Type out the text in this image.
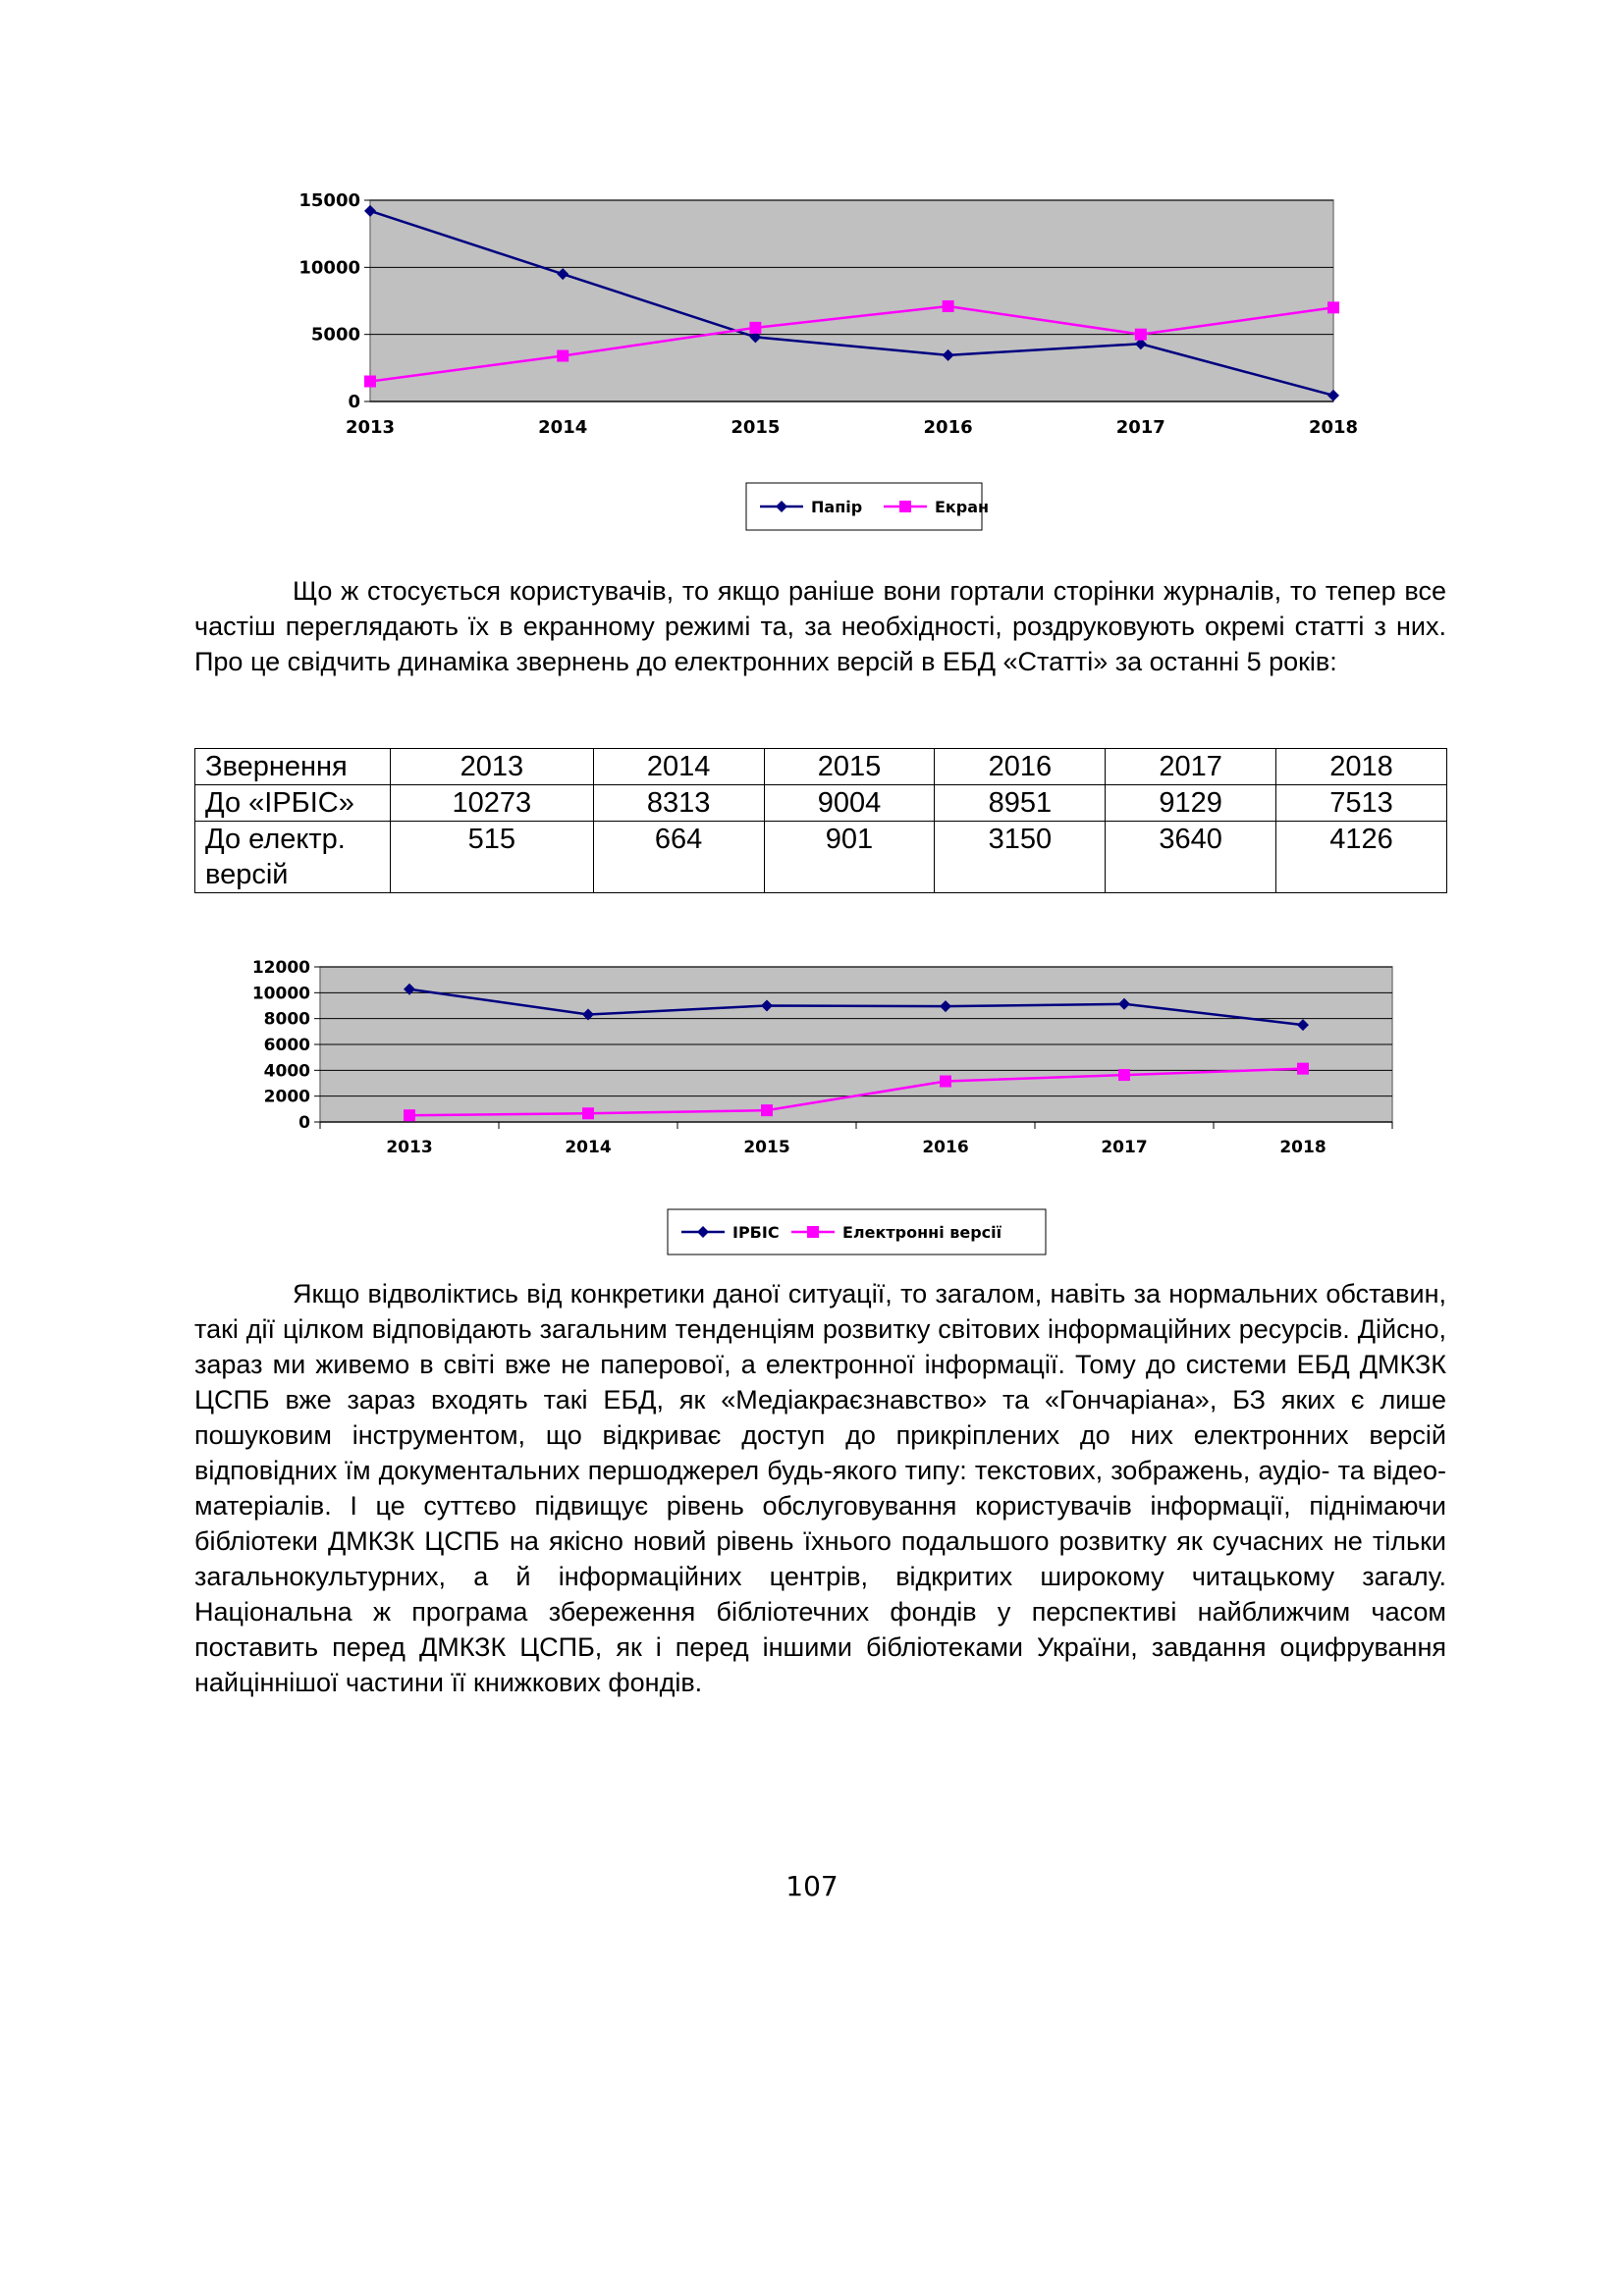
0
5000
10000
15000
2013	2014	2015	2016	2017	2018
Папір	Екран

Що ж стосується користувачів, то якщо раніше вони гортали сторінки журналів, то тепер все частіш переглядають їх в екранному режимі та, за необхідності, роздруковують окремі статті з них. Про це свідчить динаміка звернень до електронних версій в ЕБД «Статті» за останні 5 років:

Звернення	2013	2014	2015	2016	2017	2018
До «ІРБІС»	10273	8313	9004	8951	9129	7513
До електр. версій	515	664	901	3150	3640	4126
0
2000
4000
6000
8000
10000
12000
2013	2014	2015	2016	2017	2018
ІРБІС	Електронні версії

Якщо відволіктись від конкретики даної ситуації, то загалом, навіть за нормальних обставин, такі дії цілком відповідають загальним тенденціям розвитку світових інформаційних ресурсів. Дійсно, зараз ми живемо в світі вже не паперової, а електронної інформації. Тому до системи ЕБД ДМКЗК ЦСПБ вже зараз входять такі ЕБД, як «Медіакраєзнавство» та «Гончаріана», БЗ яких є лише пошуковим інструментом, що відкриває доступ до прикріплених до них електронних версій відповідних їм документальних першоджерел будь-якого типу: текстових, зображень, аудіо- та відео-матеріалів. І це суттєво підвищує рівень обслуговування користувачів інформації, піднімаючи бібліотеки ДМКЗК ЦСПБ на якісно новий рівень їхнього подальшого розвитку як сучасних не тільки загальнокультурних, а й інформаційних центрів, відкритих широкому читацькому загалу. Національна ж програма збереження бібліотечних фондів у перспективі найближчим часом поставить перед ДМКЗК ЦСПБ, як і перед іншими бібліотеками України, завдання оцифрування найціннішої частини її книжкових фондів.

107
